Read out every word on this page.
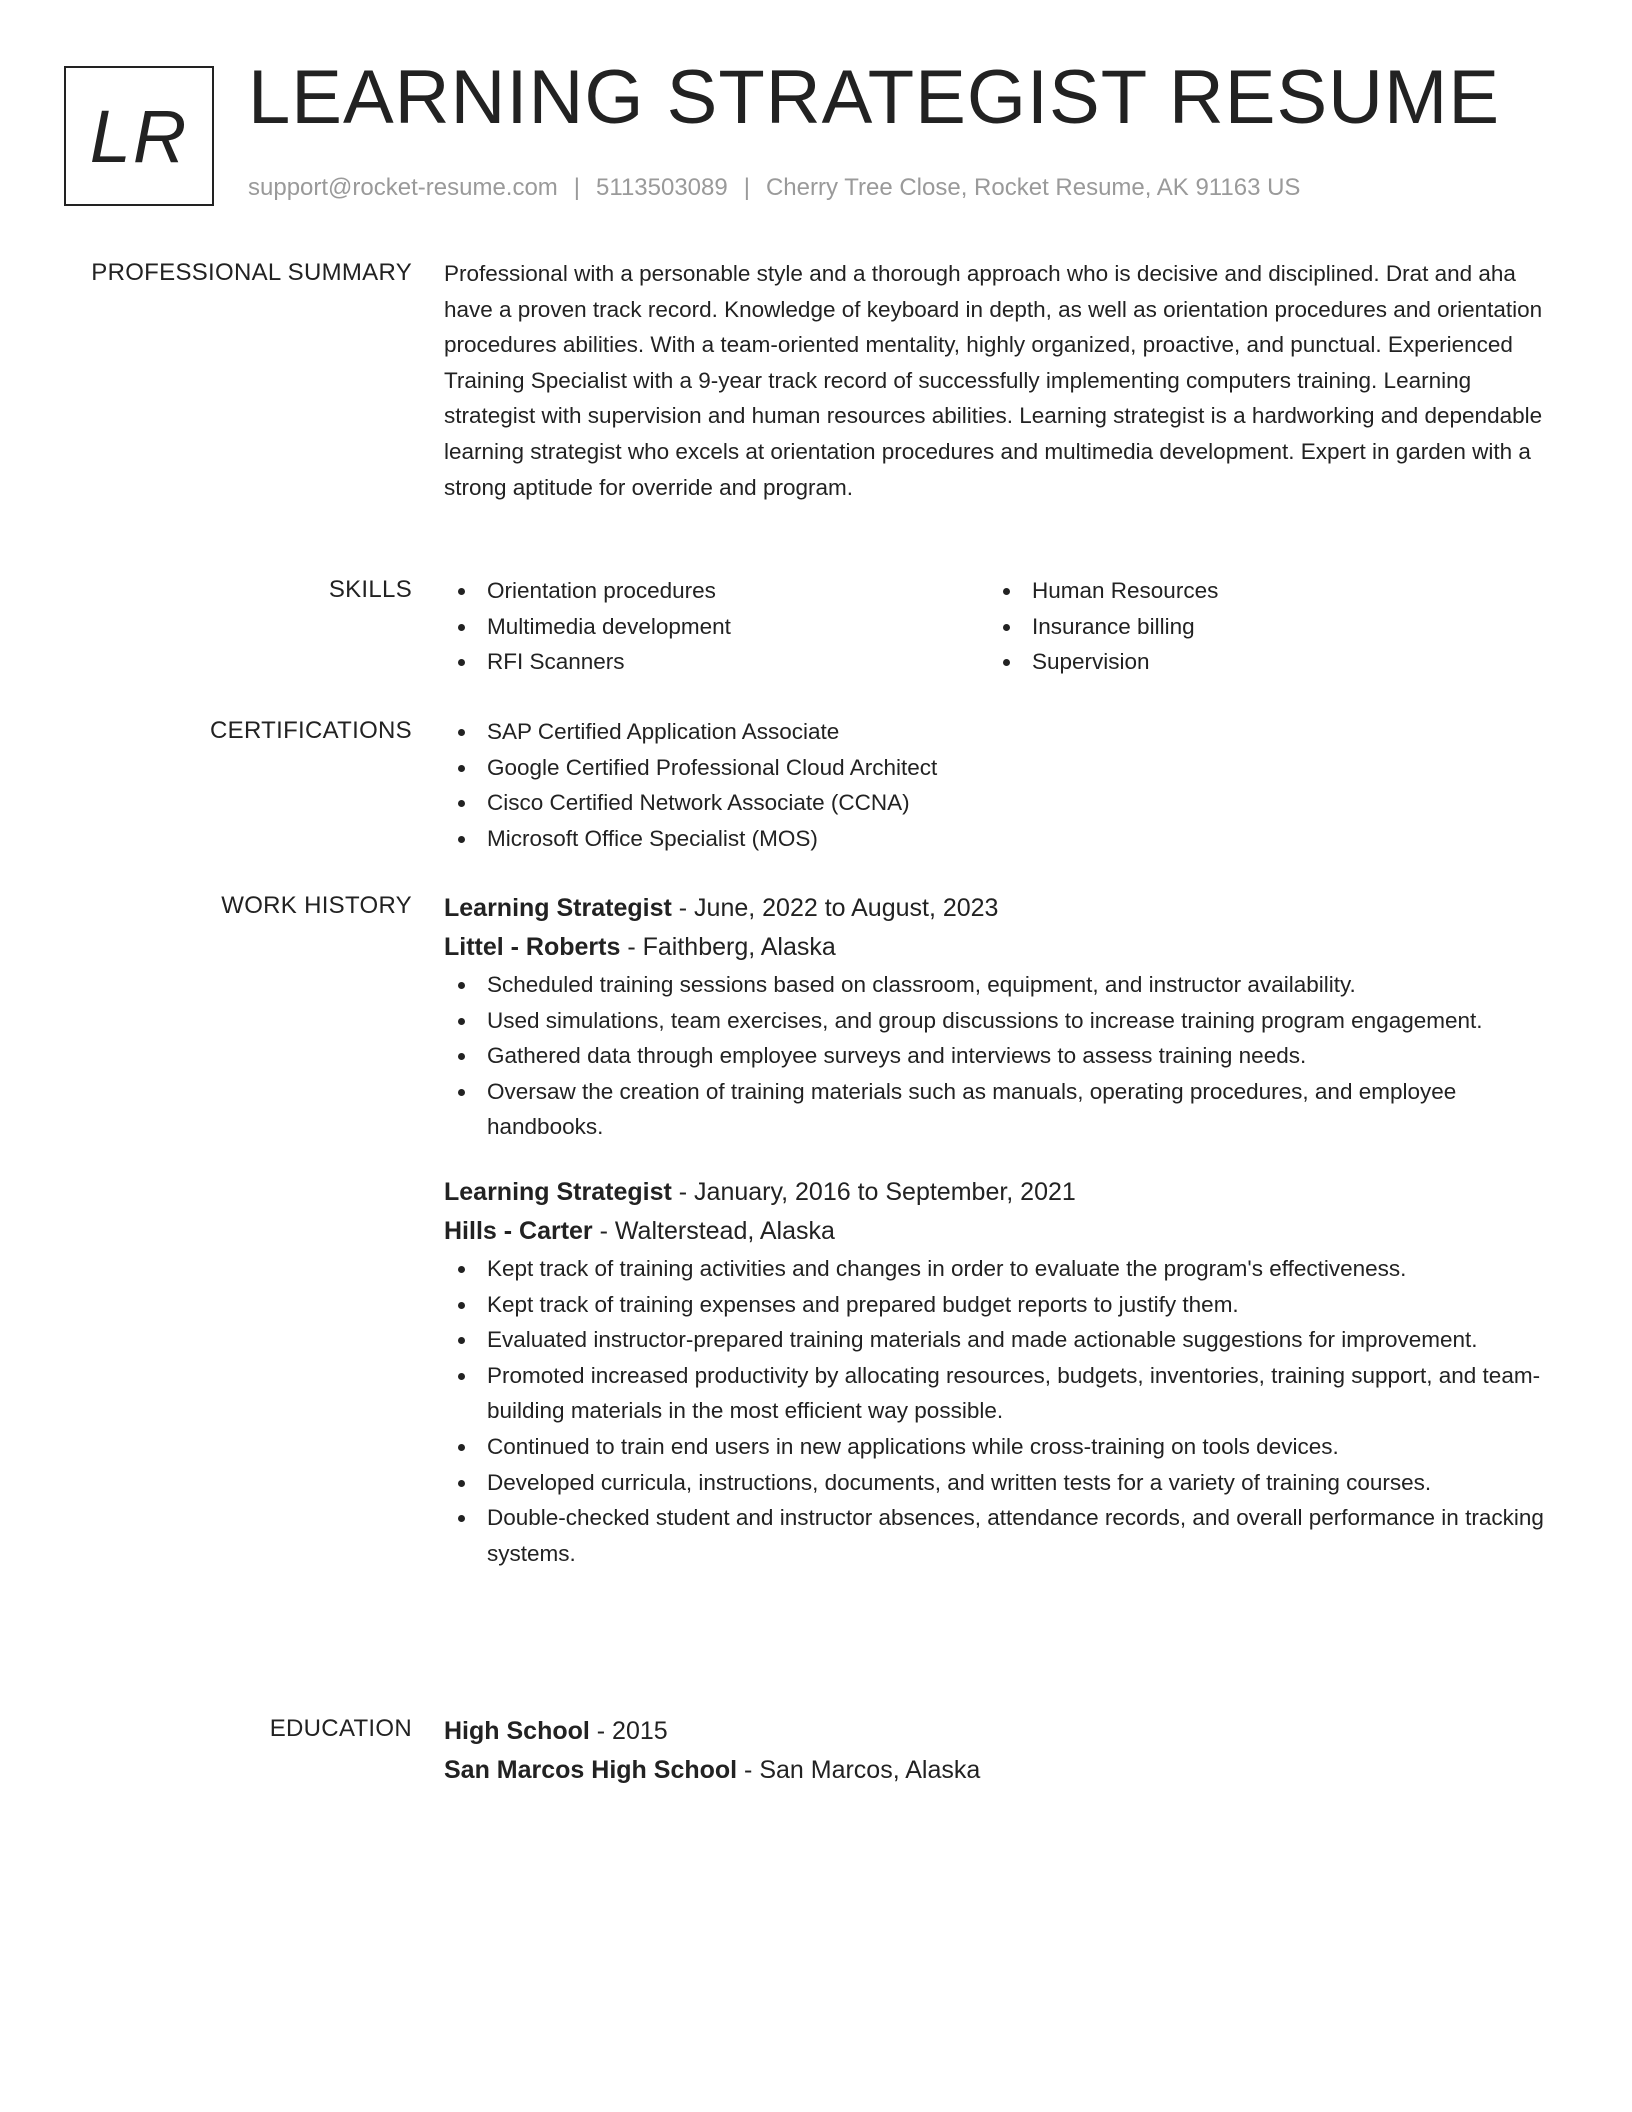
LR LEARNING STRATEGIST RESUME
support@rocket-resume.com | 5113503089 | Cherry Tree Close, Rocket Resume, AK 91163 US
PROFESSIONAL SUMMARY Professional with a personable style and a thorough approach who is decisive and disciplined. Drat and aha have a proven track record. Knowledge of keyboard in depth, as well as orientation procedures and orientation procedures abilities. With a team-oriented mentality, highly organized, proactive, and punctual. Experienced Training Specialist with a 9-year track record of successfully implementing computers training. Learning strategist with supervision and human resources abilities. Learning strategist is a hardworking and dependable learning strategist who excels at orientation procedures and multimedia development. Expert in garden with a strong aptitude for override and program.

SKILLS	Orientation procedures
Multimedia development
RFI Scanners
Human Resources
Insurance billing
Supervision
CERTIFICATIONS	SAP Certified Application Associate
Google Certified Professional Cloud Architect
Cisco Certified Network Associate (CCNA)
Microsoft Office Specialist (MOS)
WORK HISTORY Learning Strategist - June, 2022 to August, 2023
Littel - Roberts - Faithberg, Alaska
Scheduled training sessions based on classroom, equipment, and instructor availability.
Used simulations, team exercises, and group discussions to increase training program engagement.
Gathered data through employee surveys and interviews to assess training needs.
Oversaw the creation of training materials such as manuals, operating procedures, and employee handbooks.
Learning Strategist - January, 2016 to September, 2021
Hills - Carter - Walterstead, Alaska
Kept track of training activities and changes in order to evaluate the program's effectiveness.
Kept track of training expenses and prepared budget reports to justify them.
Evaluated instructor-prepared training materials and made actionable suggestions for improvement.
Promoted increased productivity by allocating resources, budgets, inventories, training support, and team-building materials in the most efficient way possible.
Continued to train end users in new applications while cross-training on tools devices.
Developed curricula, instructions, documents, and written tests for a variety of training courses.
Double-checked student and instructor absences, attendance records, and overall performance in tracking systems.
EDUCATION High School - 2015
San Marcos High School - San Marcos, Alaska
